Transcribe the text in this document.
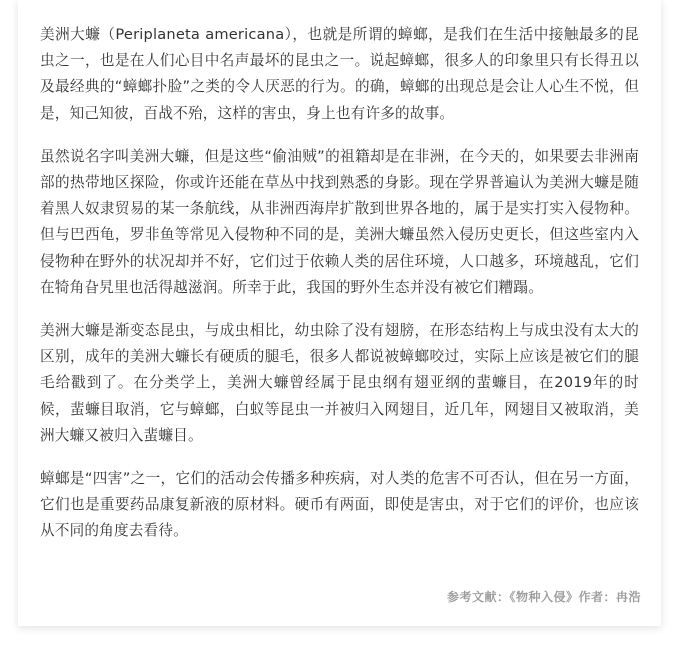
美洲大蠊（Periplaneta americana），也就是所谓的蟑螂，是我们在生活中接触最多的昆虫之一，也是在人们心目中名声最坏的昆虫之一。说起蟑螂，很多人的印象里只有长得丑以及最经典的“蟑螂扑脸”之类的令人厌恶的行为。的确，蟑螂的出现总是会让人心生不悦，但是，知己知彼，百战不殆，这样的害虫，身上也有许多的故事。

虽然说名字叫美洲大蠊，但是这些“偷油贼”的祖籍却是在非洲，在今天的，如果要去非洲南部的热带地区探险，你或许还能在草丛中找到熟悉的身影。现在学界普遍认为美洲大蠊是随着黑人奴隶贸易的某一条航线，从非洲西海岸扩散到世界各地的，属于是实打实入侵物种。但与巴西龟，罗非鱼等常见入侵物种不同的是，美洲大蠊虽然入侵历史更长，但这些室内入侵物种在野外的状况却并不好，它们过于依赖人类的居住环境，人口越多，环境越乱，它们在犄角旮旯里也活得越滋润。所幸于此，我国的野外生态并没有被它们糟蹋。

美洲大蠊是渐变态昆虫，与成虫相比，幼虫除了没有翅膀，在形态结构上与成虫没有太大的区别，成年的美洲大蠊长有硬质的腿毛，很多人都说被蟑螂咬过，实际上应该是被它们的腿毛给戳到了。在分类学上，美洲大蠊曾经属于昆虫纲有翅亚纲的蜚蠊目，在2019年的时候，蜚蠊目取消，它与蟑螂，白蚁等昆虫一并被归入网翅目，近几年，网翅目又被取消，美洲大蠊又被归入蜚蠊目。

蟑螂是“四害”之一，它们的活动会传播多种疾病，对人类的危害不可否认，但在另一方面，它们也是重要药品康复新液的原材料。硬币有两面，即使是害虫，对于它们的评价，也应该从不同的角度去看待。

参考文献：《物种入侵》作者：冉浩
